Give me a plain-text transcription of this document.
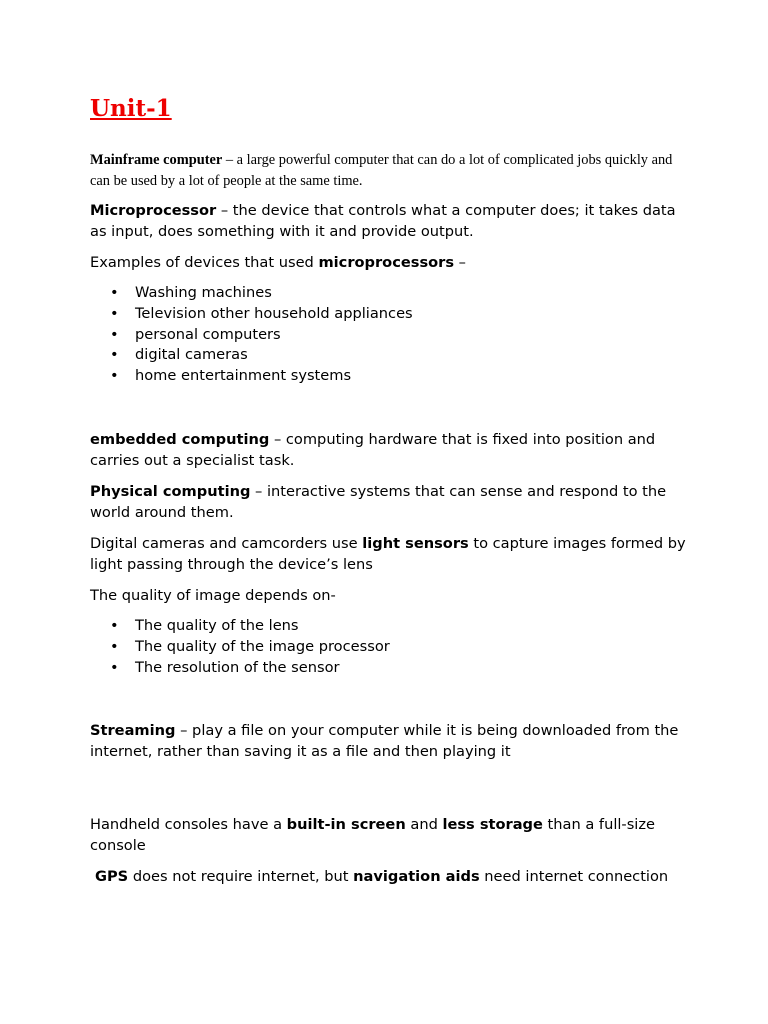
Unit-1

Mainframe computer – a large powerful computer that can do a lot of complicated jobs quickly and can be used by a lot of people at the same time.

Microprocessor – the device that controls what a computer does; it takes data as input, does something with it and provide output.

Examples of devices that used microprocessors –

• Washing machines
• Television other household appliances
• personal computers
• digital cameras
• home entertainment systems

embedded computing – computing hardware that is fixed into position and carries out a specialist task.

Physical computing – interactive systems that can sense and respond to the world around them.

Digital cameras and camcorders use light sensors to capture images formed by light passing through the device’s lens

The quality of image depends on-

• The quality of the lens
• The quality of the image processor
• The resolution of the sensor

Streaming – play a file on your computer while it is being downloaded from the internet, rather than saving it as a file and then playing it

Handheld consoles have a built-in screen and less storage than a full-size console

GPS does not require internet, but navigation aids need internet connection
